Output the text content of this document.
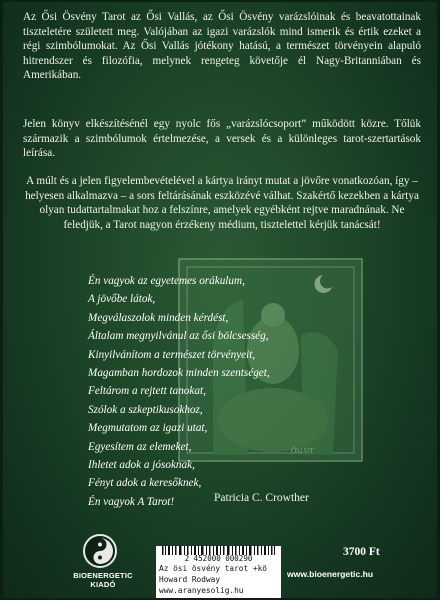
Az Ősi Ösvény Tarot az Ősi Vallás, az Ősi Ösvény varázslóinak és beavatottainak tiszteletére született meg. Valójában az igazi varázslók mind ismerik és értik ezeket a régi szimbólumokat. Az Ősi Vallás jótékony hatású, a természet törvényein alapuló hitrendszer és filozófia, melynek rengeteg követője él Nagy-Britanniában és Amerikában.

Jelen könyv elkészítésénél egy nyolc fős „varázslócsoport” működött közre. Tőlük származik a szimbólumok értelmezése, a versek és a különleges tarot-szertartások leírása.

A múlt és a jelen figyelembevételével a kártya irányt mutat a jövőre vonatkozóan, így – helyesen alkalmazva – a sors feltárásának eszközévé válhat. Szakértő kezekben a kártya olyan tudattartalmakat hoz a felszínre, amelyek egyébként rejtve maradnának. Ne feledjük, a Tarot nagyon érzékeny médium, tisztelettel kérjük tanácsát!

ŐSI ÚT
Én vagyok az egyetemes orákulum,
A jövőbe látok,
Megválaszolok minden kérdést,
Általam megnyilvánul az ősi bölcsesség,
Kinyilvánítom a természet törvényeit,
Magamban hordozok minden szentséget,
Feltárom a rejtett tanokat,
Szólok a szkeptikusokhoz,
Megmutatom az igazi utat,
Egyesítem az elemeket,
Ihletet adok a jósoknak,
Fényt adok a keresőknek,
Én vagyok A Tarot!	Patricia C. Crowther
BIOENERGETIC KIADÓ
2 452000 000290
Az ösi ösvény tarot +kö
Howard Rodway
www.aranyesolig.hu
3700 Ft
www.bioenergetic.hu
